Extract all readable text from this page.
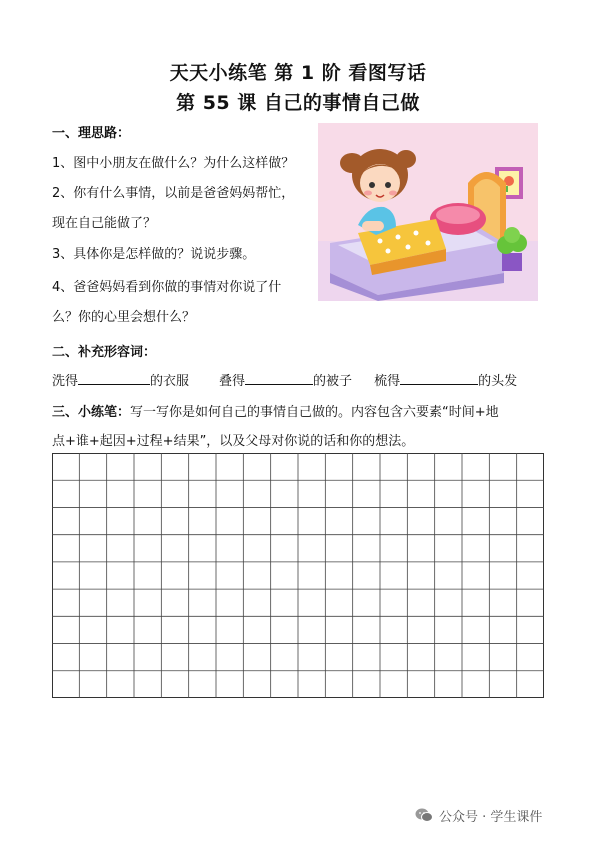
天天小练笔 第 1 阶 看图写话
第 55 课 自己的事情自己做

一、理思路：

1、图中小朋友在做什么？为什么这样做？

2、你有什么事情，以前是爸爸妈妈帮忙，

现在自己能做了？

3、具体你是怎样做的？说说步骤。

4、爸爸妈妈看到你做的事情对你说了什

么？你的心里会想什么？

二、补充形容词：

洗得	的衣服 叠得	的被子 梳得	的头发

三、小练笔：写一写你是如何自己的事情自己做的。内容包含六要素“时间+地

点+谁+起因+过程+结果”，以及父母对你说的话和你的想法。

公众号 · 学生课件
